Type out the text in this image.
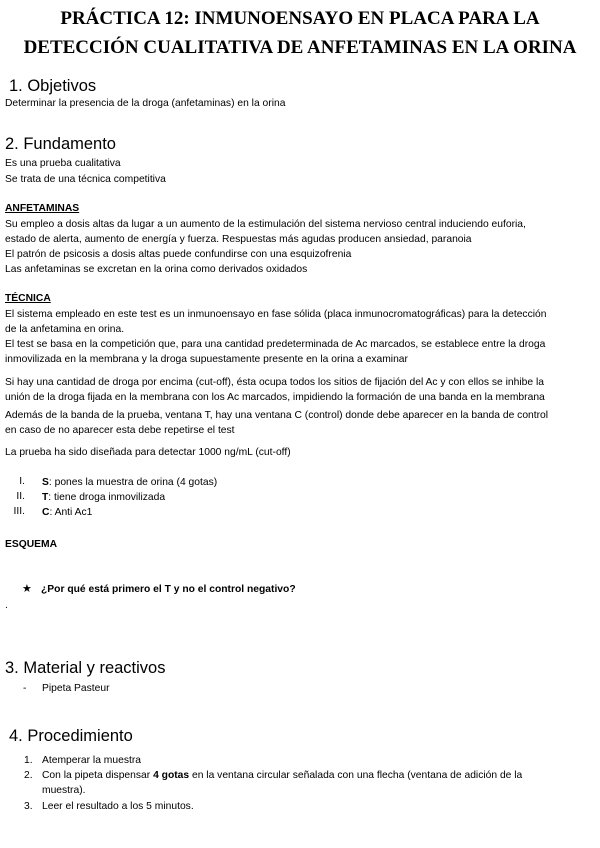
PRÁCTICA 12: INMUNOENSAYO EN PLACA PARA LA
DETECCIÓN CUALITATIVA DE ANFETAMINAS EN LA ORINA
1. Objetivos
Determinar la presencia de la droga (anfetaminas) en la orina
2. Fundamento
Es una prueba cualitativa
Se trata de una técnica competitiva
ANFETAMINAS
Su empleo a dosis altas da lugar a un aumento de la estimulación del sistema nervioso central induciendo euforia,
estado de alerta, aumento de energía y fuerza. Respuestas más agudas producen ansiedad, paranoia
El patrón de psicosis a dosis altas puede confundirse con una esquizofrenia
Las anfetaminas se excretan en la orina como derivados oxidados
TÉCNICA
El sistema empleado en este test es un inmunoensayo en fase sólida (placa inmunocromatográficas) para la detección
de la anfetamina en orina.
El test se basa en la competición que, para una cantidad predeterminada de Ac marcados, se establece entre la droga
inmovilizada en la membrana y la droga supuestamente presente en la orina a examinar
Si hay una cantidad de droga por encima (cut-off), ésta ocupa todos los sitios de fijación del Ac y con ellos se inhibe la
unión de la droga fijada en la membrana con los Ac marcados, impidiendo la formación de una banda en la membrana
Además de la banda de la prueba, ventana T, hay una ventana C (control) donde debe aparecer en la banda de control
en caso de no aparecer esta debe repetirse el test
La prueba ha sido diseñada para detectar 1000 ng/mL (cut-off)
I. S: pones la muestra de orina (4 gotas)
II. T: tiene droga inmovilizada
III. C: Anti Ac1
ESQUEMA
★ ¿Por qué está primero el T y no el control negativo?
.
3. Material y reactivos
- Pipeta Pasteur
4. Procedimiento
1. Atemperar la muestra
2. Con la pipeta dispensar 4 gotas en la ventana circular señalada con una flecha (ventana de adición de la
muestra).
3. Leer el resultado a los 5 minutos.
